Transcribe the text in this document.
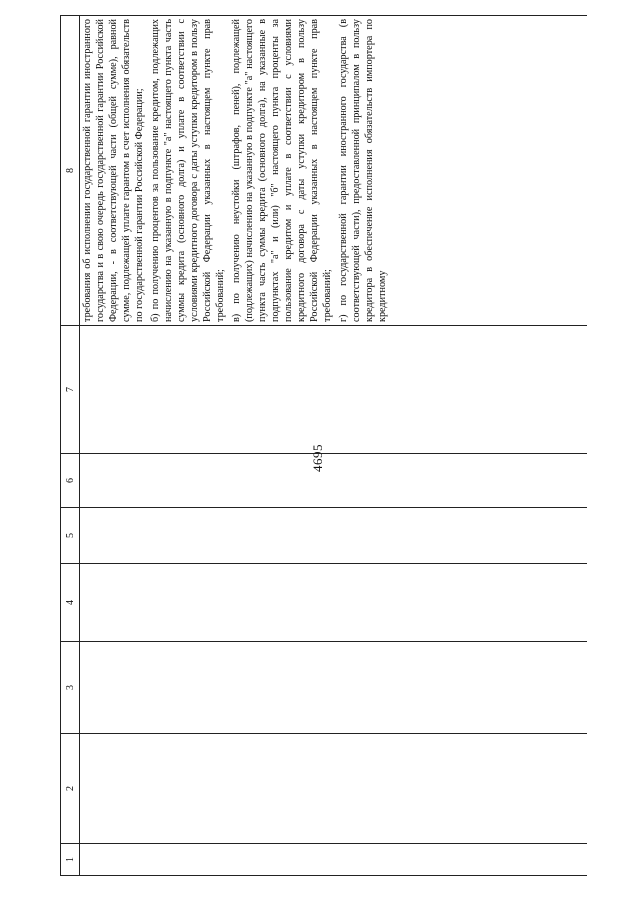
4695
1	2	3	4	5	6	7	8

							требования об исполнении государственной гарантии иностранного государства и в свою очередь государственной гарантии Российской Федерации, - в соответствующей части (общей сумме), равной сумме, подлежащей уплате гарантом в счет исполнения обязательств по государственной гарантии Российской Федерации; б) по получению процентов за пользование кредитом, подлежащих начислению на указанную в подпункте "а" настоящего пункта часть суммы кредита (основного долга) и уплате в соответствии с условиями кредитного договора с даты уступки кредитором в пользу Российской Федерации указанных в настоящем пункте прав требований; в) по получению неустойки (штрафов, пеней), подлежащей (подлежащих) начислению на указанную в подпункте "а" настоящего пункта часть суммы кредита (основного долга), на указанные в подпунктах "а" и (или) "б" настоящего пункта проценты за пользование кредитом и уплате в соответствии с условиями кредитного договора с даты уступки кредитором в пользу Российской Федерации указанных в настоящем пункте прав требований; г) по государственной гарантии иностранного государства (в соответствующей части), предоставленной принципалом в пользу кредитора в обеспечение исполнения обязательств импортера по кредитному
